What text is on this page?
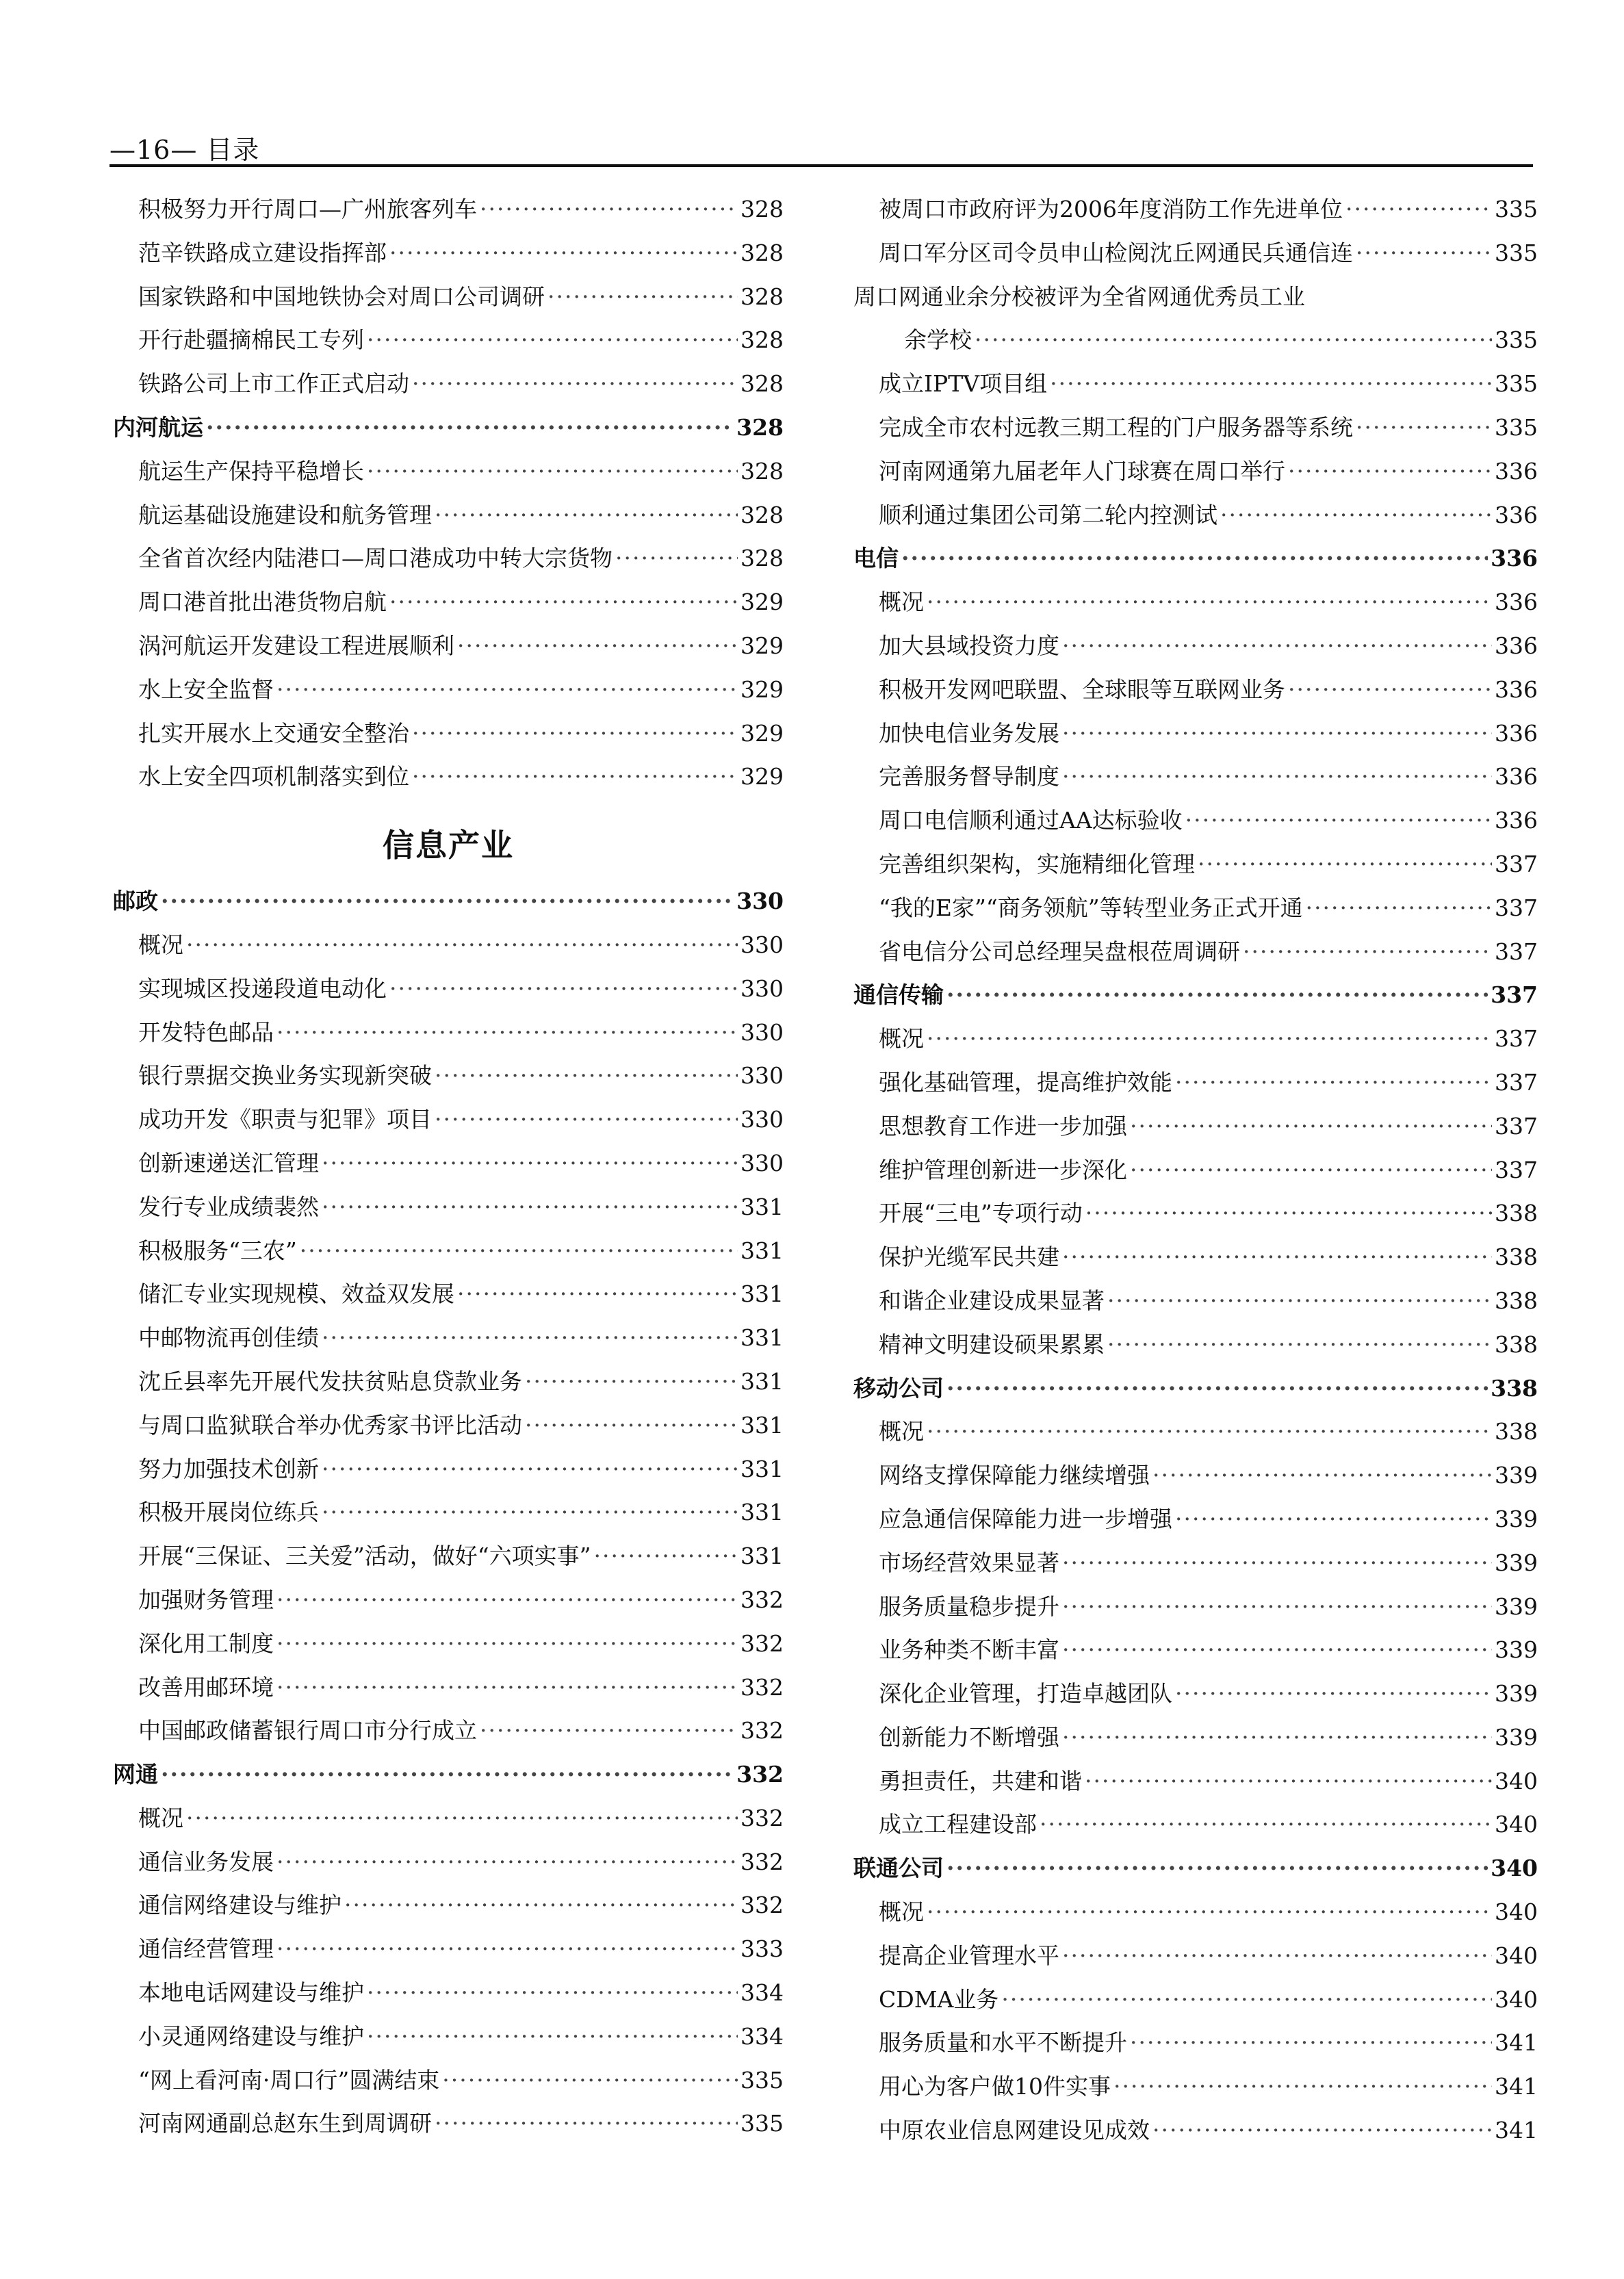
—16— 目录
积极努力开行周口—广州旅客列车 ·····	328
范辛铁路成立建设指挥部 ·····	328
国家铁路和中国地铁协会对周口公司调研 ·····	328
开行赴疆摘棉民工专列 ·····	328
铁路公司上市工作正式启动 ·····	328
内河航运 ·····	328
航运生产保持平稳增长 ·····	328
航运基础设施建设和航务管理 ·····	328
全省首次经内陆港口—周口港成功中转大宗货物 ·····	328
周口港首批出港货物启航 ·····	329
涡河航运开发建设工程进展顺利 ·····	329
水上安全监督 ·····	329
扎实开展水上交通安全整治 ·····	329
水上安全四项机制落实到位 ·····	329
信息产业
邮政 ·····	330
概况 ·····	330
实现城区投递段道电动化 ·····	330
开发特色邮品 ·····	330
银行票据交换业务实现新突破 ·····	330
成功开发《职责与犯罪》项目 ·····	330
创新速递送汇管理 ·····	330
发行专业成绩裴然 ·····	331
积极服务“三农” ·····	331
储汇专业实现规模、效益双发展 ·····	331
中邮物流再创佳绩 ·····	331
沈丘县率先开展代发扶贫贴息贷款业务 ·····	331
与周口监狱联合举办优秀家书评比活动 ·····	331
努力加强技术创新 ·····	331
积极开展岗位练兵 ·····	331
开展“三保证、三关爱”活动，做好“六项实事” ·····	331
加强财务管理 ·····	332
深化用工制度 ·····	332
改善用邮环境 ·····	332
中国邮政储蓄银行周口市分行成立 ·····	332
网通 ·····	332
概况 ·····	332
通信业务发展 ·····	332
通信网络建设与维护 ·····	332
通信经营管理 ·····	333
本地电话网建设与维护 ·····	334
小灵通网络建设与维护 ·····	334
“网上看河南·周口行”圆满结束 ·····	335
河南网通副总赵东生到周调研 ·····	335
被周口市政府评为2006年度消防工作先进单位 ·····	335
周口军分区司令员申山检阅沈丘网通民兵通信连 ·····	335
周口网通业余分校被评为全省网通优秀员工业
余学校 ·····	335
成立IPTV项目组 ·····	335
完成全市农村远教三期工程的门户服务器等系统 ·····	335
河南网通第九届老年人门球赛在周口举行 ·····	336
顺利通过集团公司第二轮内控测试 ·····	336
电信 ·····	336
概况 ·····	336
加大县域投资力度 ·····	336
积极开发网吧联盟、全球眼等互联网业务 ·····	336
加快电信业务发展 ·····	336
完善服务督导制度 ·····	336
周口电信顺利通过AA达标验收 ·····	336
完善组织架构，实施精细化管理 ·····	337
“我的E家”“商务领航”等转型业务正式开通 ·····	337
省电信分公司总经理吴盘根莅周调研 ·····	337
通信传输 ·····	337
概况 ·····	337
强化基础管理，提高维护效能 ·····	337
思想教育工作进一步加强 ·····	337
维护管理创新进一步深化 ·····	337
开展“三电”专项行动 ·····	338
保护光缆军民共建 ·····	338
和谐企业建设成果显著 ·····	338
精神文明建设硕果累累 ·····	338
移动公司 ·····	338
概况 ·····	338
网络支撑保障能力继续增强 ·····	339
应急通信保障能力进一步增强 ·····	339
市场经营效果显著 ·····	339
服务质量稳步提升 ·····	339
业务种类不断丰富 ·····	339
深化企业管理，打造卓越团队 ·····	339
创新能力不断增强 ·····	339
勇担责任，共建和谐 ·····	340
成立工程建设部 ·····	340
联通公司 ·····	340
概况 ·····	340
提高企业管理水平 ·····	340
CDMA业务 ·····	340
服务质量和水平不断提升 ·····	341
用心为客户做10件实事 ·····	341
中原农业信息网建设见成效 ·····	341
